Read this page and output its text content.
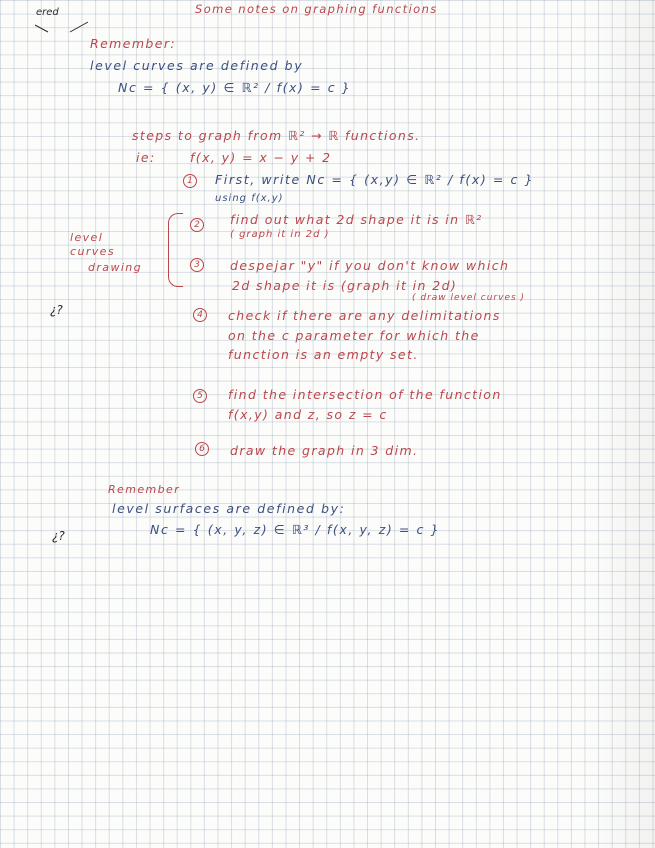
ered	Some notes on graphing functions
Remember:
level curves are defined by
Nc = { (x, y) ∈ ℝ² / f(x) = c }
steps to graph from ℝ² → ℝ functions.
ie:	f(x, y) = x − y + 2
1	First, write Nc = { (x,y) ∈ ℝ² / f(x) = c }
using f(x,y)
level
curves
drawing
2	find out what 2d shape it is in ℝ²
( graph it in 2d )
3	despejar "y" if you don't know which
2d shape it is (graph it in 2d)
( draw level curves )
¿?	4	check if there are any delimitations
on the c parameter for which the
function is an empty set.
5	find the intersection of the function
f(x,y) and z, so z = c
6	draw the graph in 3 dim.
Remember
level surfaces are defined by:
Nc = { (x, y, z) ∈ ℝ³ / f(x, y, z) = c }
¿?
